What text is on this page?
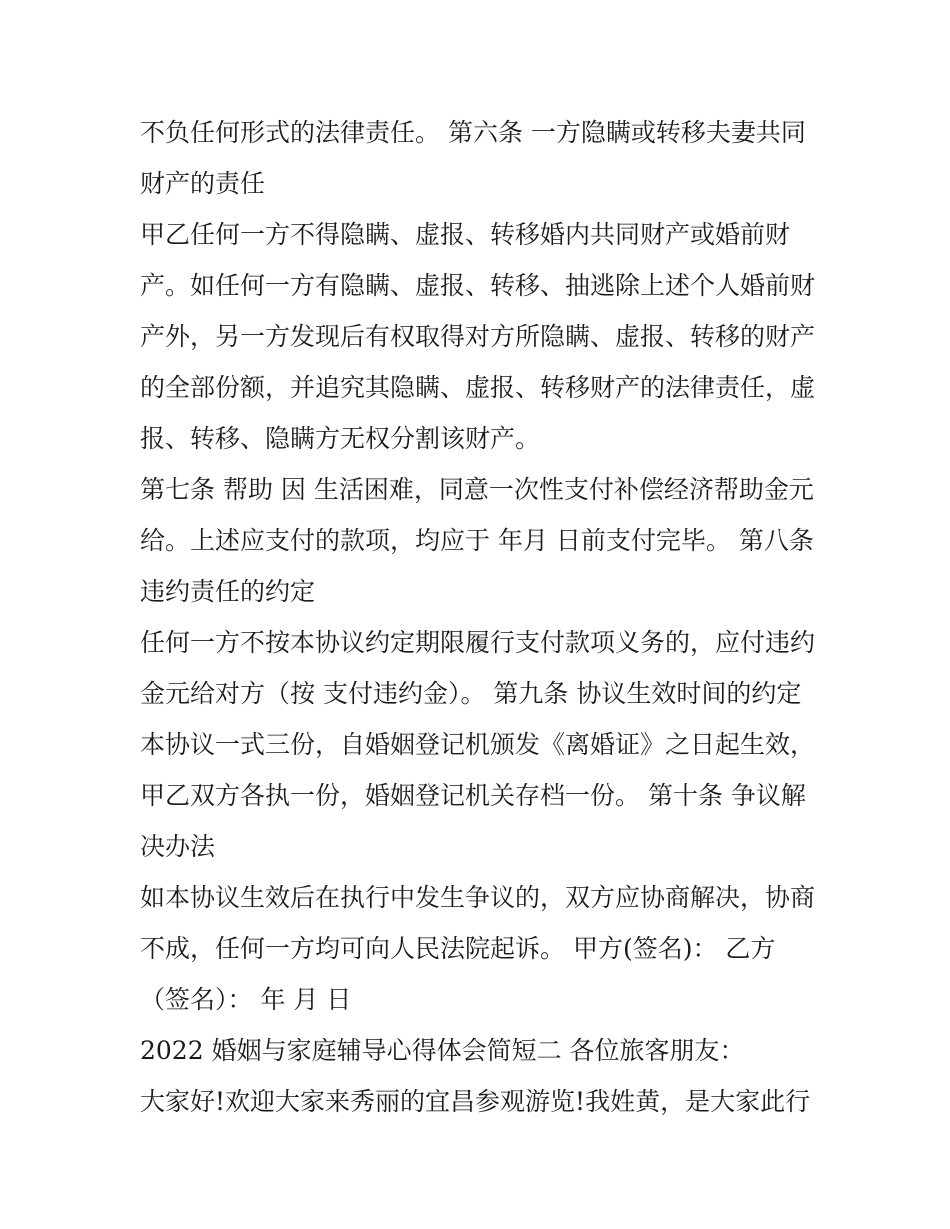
不负任何形式的法律责任。 第六条 一方隐瞒或转移夫妻共同
财产的责任
甲乙任何一方不得隐瞒、虚报、转移婚内共同财产或婚前财
产。如任何一方有隐瞒、虚报、转移、抽逃除上述个人婚前财
产外，另一方发现后有权取得对方所隐瞒、虚报、转移的财产
的全部份额，并追究其隐瞒、虚报、转移财产的法律责任，虚
报、转移、隐瞒方无权分割该财产。
第七条 帮助 因 生活困难，同意一次性支付补偿经济帮助金元
给。上述应支付的款项，均应于 年月 日前支付完毕。 第八条
违约责任的约定
任何一方不按本协议约定期限履行支付款项义务的，应付违约
金元给对方（按 支付违约金）。 第九条 协议生效时间的约定
本协议一式三份，自婚姻登记机颁发《离婚证》之日起生效，
甲乙双方各执一份，婚姻登记机关存档一份。 第十条 争议解
决办法
如本协议生效后在执行中发生争议的，双方应协商解决，协商
不成，任何一方均可向人民法院起诉。 甲方(签名)： 乙方
（签名）： 年 月 日
2022 婚姻与家庭辅导心得体会简短二 各位旅客朋友：
大家好!欢迎大家来秀丽的宜昌参观游览!我姓黄，是大家此行
